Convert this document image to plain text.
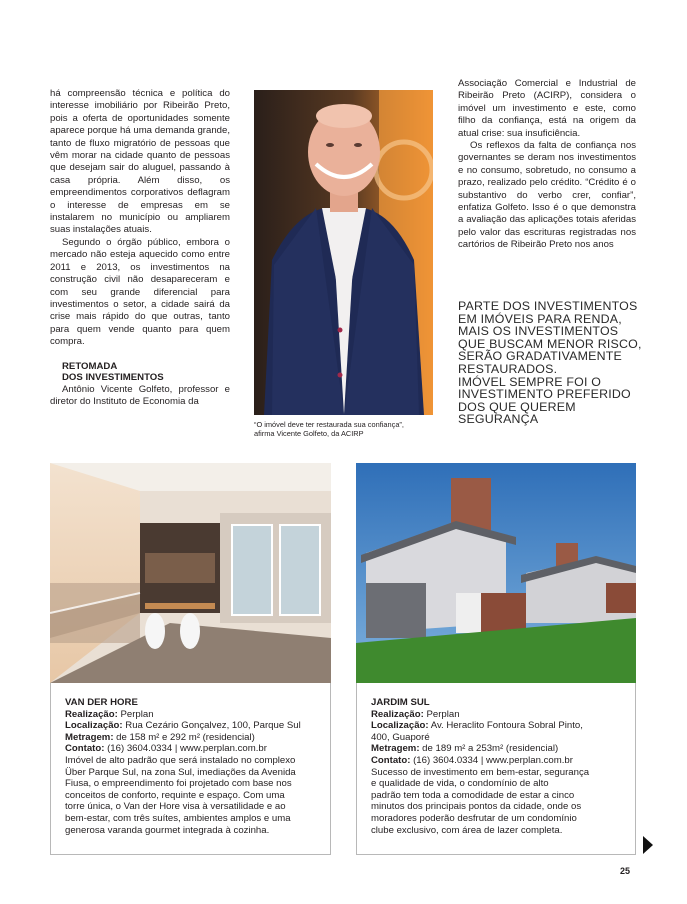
há compreensão técnica e política do interesse imobiliário por Ribeirão Preto, pois a oferta de oportunidades somente aparece porque há uma demanda grande, tanto de fluxo migratório de pessoas que vêm morar na cidade quanto de pessoas que desejam sair do aluguel, passando à casa própria. Além disso, os empreendimentos corporativos deflagram o interesse de empresas em se instalarem no município ou ampliarem suas instalações atuais.

Segundo o órgão público, embora o mercado não esteja aquecido como entre 2011 e 2013, os investimentos na construção civil não desapareceram e com seu grande diferencial para investimentos o setor, a cidade sairá da crise mais rápido do que outras, tanto para quem vende quanto para quem compra.

RETOMADA
DOS INVESTIMENTOS

Antônio Vicente Golfeto, professor e diretor do Instituto de Economia da

“O imóvel deve ter restaurada sua confiança”,
afirma Vicente Golfeto, da ACIRP

Associação Comercial e Industrial de Ribeirão Preto (ACIRP), considera o imóvel um investimento e este, como filho da confiança, está na origem da atual crise: sua insuficiência.

Os reflexos da falta de confiança nos governantes se deram nos investimentos e no consumo, sobretudo, no consumo a prazo, realizado pelo crédito. “Crédito é o substantivo do verbo crer, confiar”, enfatiza Golfeto. Isso é o que demonstra a avaliação das aplicações totais aferidas pelo valor das escrituras registradas nos cartórios de Ribeirão Preto nos anos

PARTE DOS INVESTIMENTOS
EM IMÓVEIS PARA RENDA,
MAIS OS INVESTIMENTOS
QUE BUSCAM MENOR RISCO,
SERÃO GRADATIVAMENTE
RESTAURADOS.
IMÓVEL SEMPRE FOI O
INVESTIMENTO PREFERIDO
DOS QUE QUEREM
SEGURANÇA
VAN DER HORE
Realização: Perplan
Localização: Rua Cezário Gonçalvez, 100, Parque Sul
Metragem: de 158 m² e 292 m² (residencial)
Contato: (16) 3604.0334 | www.perplan.com.br
Imóvel de alto padrão que será instalado no complexo
Über Parque Sul, na zona Sul, imediações da Avenida
Fiusa, o empreendimento foi projetado com base nos
conceitos de conforto, requinte e espaço. Com uma
torre única, o Van der Hore visa à versatilidade e ao
bem-estar, com três suítes, ambientes amplos e uma
generosa varanda gourmet integrada à cozinha.
JARDIM SUL
Realização: Perplan
Localização: Av. Heraclito Fontoura Sobral Pinto,
400, Guaporé
Metragem: de 189 m² a 253m² (residencial)
Contato: (16) 3604.0334 | www.perplan.com.br
Sucesso de investimento em bem-estar, segurança
e qualidade de vida, o condomínio de alto
padrão tem toda a comodidade de estar a cinco
minutos dos principais pontos da cidade, onde os
moradores poderão desfrutar de um condomínio
clube exclusivo, com área de lazer completa.
25
